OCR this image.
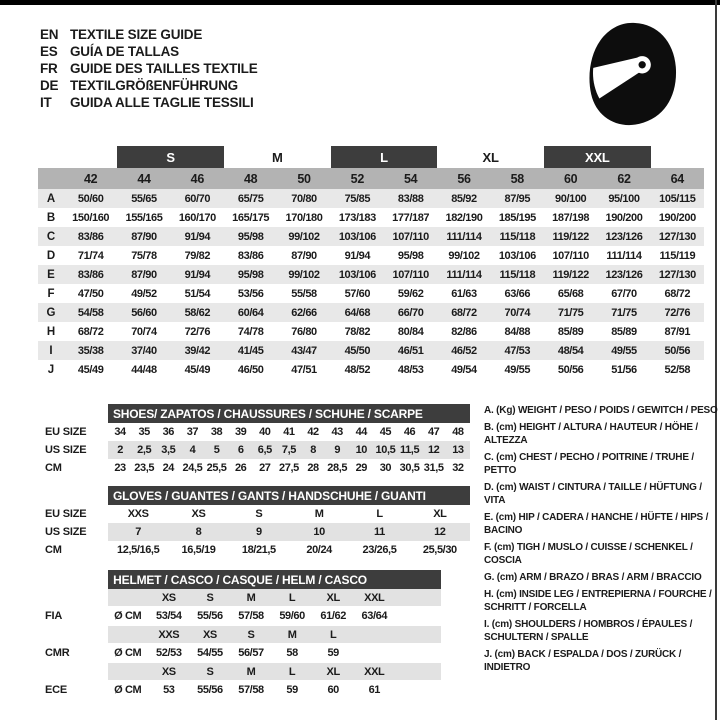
EN TEXTILE SIZE GUIDE
ES GUÍA DE TALLAS
FR GUIDE DES TAILLES TEXTILE
DE TEXTILGRÖßENFÜHRUNG
IT	GUIDA ALLE TAGLIE TESSILI
		S		M		L		XL		XXL		
	42	44	46	48	50	52	54	56	58	60	62	64
A	50/60	55/65	60/70	65/75	70/80	75/85	83/88	85/92	87/95	90/100	95/100	105/115
B	150/160	155/165	160/170	165/175	170/180	173/183	177/187	182/190	185/195	187/198	190/200	190/200
C	83/86	87/90	91/94	95/98	99/102	103/106	107/110	111/114	115/118	119/122	123/126	127/130
D	71/74	75/78	79/82	83/86	87/90	91/94	95/98	99/102	103/106	107/110	111/114	115/119
E	83/86	87/90	91/94	95/98	99/102	103/106	107/110	111/114	115/118	119/122	123/126	127/130
F	47/50	49/52	51/54	53/56	55/58	57/60	59/62	61/63	63/66	65/68	67/70	68/72
G	54/58	56/60	58/62	60/64	62/66	64/68	66/70	68/72	70/74	71/75	71/75	72/76
H	68/72	70/74	72/76	74/78	76/80	78/82	80/84	82/86	84/88	85/89	85/89	87/91
I	35/38	37/40	39/42	41/45	43/47	45/50	46/51	46/52	47/53	48/54	49/55	50/56
J	45/49	44/48	45/49	46/50	47/51	48/52	48/53	49/54	49/55	50/56	51/56	52/58
	SHOES/ ZAPATOS / CHAUSSURES / SCHUHE / SCARPE														
EU SIZE	34	35	36	37	38	39	40	41	42	43	44	45	46	47	48
US SIZE	2	2,5	3,5	4	5	6	6,5	7,5	8	9	10	10,5	11,5	12	13
CM	23	23,5	24	24,5	25,5	26	27	27,5	28	28,5	29	30	30,5	31,5	32
	GLOVES / GUANTES / GANTS / HANDSCHUHE / GUANTI					
EU SIZE	XXS	XS	S	M	L	XL
US SIZE	7	8	9	10	11	12
CM	12,5/16,5	16,5/19	18/21,5	20/24	23/26,5	25,5/30
	HELMET / CASCO / CASQUE / HELM / CASCO							
		XS	S	M	L	XL	XXL	
FIA	Ø CM	53/54	55/56	57/58	59/60	61/62	63/64	
		XXS	XS	S	M	L		
CMR	Ø CM	52/53	54/55	56/57	58	59		
		XS	S	M	L	XL	XXL	
ECE	Ø CM	53	55/56	57/58	59	60	61	
A. (Kg) WEIGHT / PESO / POIDS / GEWITCH / PESO
B. (cm) HEIGHT / ALTURA / HAUTEUR / HÖHE / ALTEZZA
C. (cm) CHEST / PECHO / POITRINE / TRUHE / PETTO
D. (cm) WAIST / CINTURA / TAILLE / HÜFTUNG / VITA
E. (cm) HIP / CADERA / HANCHE / HÜFTE / HIPS / BACINO
F. (cm) TIGH / MUSLO / CUISSE / SCHENKEL / COSCIA
G. (cm) ARM / BRAZO / BRAS / ARM / BRACCIO
H. (cm) INSIDE LEG / ENTREPIERNA / FOURCHE / SCHRITT / FORCELLA
I. (cm) SHOULDERS / HOMBROS / ÉPAULES / SCHULTERN / SPALLE
J. (cm) BACK / ESPALDA / DOS / ZURÜCK / INDIETRO
